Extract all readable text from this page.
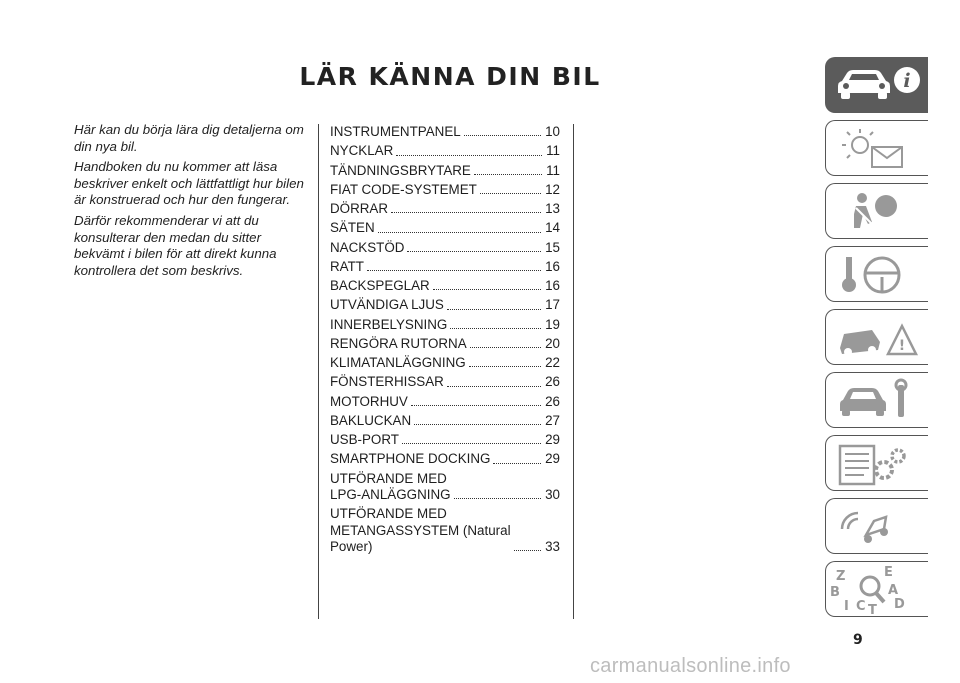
LÄR KÄNNA DIN BIL

Här kan du börja lära dig detaljerna om din nya bil.

Handboken du nu kommer att läsa beskriver enkelt och lättfattligt hur bilen är konstruerad och hur den fungerar.

Därför rekommenderar vi att du konsulterar den medan du sitter bekvämt i bilen för att direkt kunna kontrollera det som beskrivs.

INSTRUMENTPANEL	10
NYCKLAR	11
TÄNDNINGSBRYTARE	11
FIAT CODE-SYSTEMET	12
DÖRRAR	13
SÄTEN	14
NACKSTÖD	15
RATT	16
BACKSPEGLAR	16
UTVÄNDIGA LJUS	17
INNERBELYSNING	19
RENGÖRA RUTORNA	20
KLIMATANLÄGGNING	22
FÖNSTERHISSAR	26
MOTORHUV	26
BAKLUCKAN	27
USB-PORT	29
SMARTPHONE DOCKING	29
UTFÖRANDE MED
LPG-ANLÄGGNING	30
UTFÖRANDE MED
METANGASSYSTEM (Natural
Power)	33
i
!
Z	E
B	A
I C T D
9
carmanualsonline.info
